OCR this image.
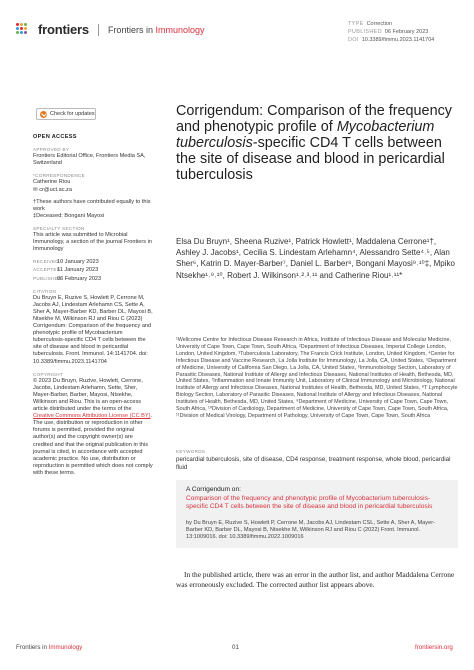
frontiers Frontiers in Immunology
TYPE Correction
PUBLISHED 06 February 2023
DOI 10.3389/fimmu.2023.1141704
Check for updates
OPEN ACCESS
APPROVED BY
Frontiers Editorial Office, Frontiers Media SA, Switzerland
*CORRESPONDENCE
Catherine Riou
✉ cr@uct.ac.za
†These authors have contributed equally to this work
‡Deceased: Bongani Mayosi
SPECIALTY SECTION
This article was submitted to Microbial Immunology, a section of the journal Frontiers in Immunology
RECEIVED10 January 2023
ACCEPTED11 January 2023
PUBLISHED06 February 2023
CITATION
Du Bruyn E, Ruzive S, Howlett P, Cerrone M, Jacobs AJ, Lindestam Arlehamn CS, Sette A, Sher A, Mayer-Barber KD, Barber DL, Mayosi B, Ntsekhe M, Wilkinson RJ and Riou C (2023) Corrigendum: Comparison of the frequency and phenotypic profile of Mycobacterium tuberculosis-specific CD4 T cells between the site of disease and blood in pericardial tuberculosis. Front. Immunol. 14:1141704. doi: 10.3389/fimmu.2023.1141704
COPYRIGHT
© 2023 Du Bruyn, Ruzive, Howlett, Cerrone, Jacobs, Lindestam Arlehamn, Sette, Sher, Mayer-Barber, Barber, Mayosi, Ntsekhe, Wilkinson and Riou. This is an open-access article distributed under the terms of the Creative Commons Attribution License (CC BY). The use, distribution or reproduction in other forums is permitted, provided the original author(s) and the copyright owner(s) are credited and that the original publication in this journal is cited, in accordance with accepted academic practice. No use, distribution or reproduction is permitted which does not comply with these terms.
Corrigendum: Comparison of the frequency and phenotypic profile of Mycobacterium tuberculosis-specific CD4 T cells between the site of disease and blood in pericardial tuberculosis
Elsa Du Bruyn¹, Sheena Ruzive¹, Patrick Howlett¹, Maddalena Cerrone¹†, Ashley J. Jacobs¹, Cecilia S. Lindestam Arlehamn⁴, Alessandro Sette⁴˒⁵, Alan Sher⁶, Katrin D. Mayer-Barber⁷, Daniel L. Barber⁸, Bongani Mayosi⁹˒¹⁰‡, Mpiko Ntsekhe¹˒⁹˒¹⁰, Robert J. Wilkinson¹˒²˒³˒¹¹ and Catherine Riou¹˒¹¹*
¹Wellcome Centre for Infectious Disease Research in Africa, Institute of Infectious Disease and Molecular Medicine, University of Cape Town, Cape Town, South Africa, ²Department of Infectious Diseases, Imperial College London, London, United Kingdom, ³Tuberculosis Laboratory, The Francis Crick Institute, London, United Kingdom, ⁴Center for Infectious Disease and Vaccine Research, La Jolla Institute for Immunology, La Jolla, CA, United States, ⁵Department of Medicine, University of California San Diego, La Jolla, CA, United States, ⁶Immunobiology Section, Laboratory of Parasitic Diseases, National Institute of Allergy and Infectious Diseases, National Institutes of Health, Bethesda, MD, United States, ⁷Inflammation and Innate Immunity Unit, Laboratory of Clinical Immunology and Microbiology, National Institute of Allergy and Infectious Diseases, National Institutes of Health, Bethesda, MD, United States, ⁸T Lymphocyte Biology Section, Laboratory of Parasitic Diseases, National Institute of Allergy and Infectious Diseases, National Institutes of Health, Bethesda, MD, United States, ⁹Department of Medicine, University of Cape Town, Cape Town, South Africa, ¹⁰Division of Cardiology, Department of Medicine, University of Cape Town, Cape Town, South Africa, ¹¹Division of Medical Virology, Department of Pathology, University of Cape Town, Cape Town, South Africa
KEYWORDS
pericardial tuberculosis, site of disease, CD4 response, treatment response, whole blood, pericardial fluid
A Corrigendum on:
Comparison of the frequency and phenotypic profile of Mycobacterium tuberculosis-specific CD4 T cells between the site of disease and blood in pericardial tuberculosis
by Du Bruyn E, Ruzive S, Howlett P, Cerrone M, Jacobs AJ, Lindestam CSL, Sette A, Sher A, Mayer-Barber KD, Barber DL, Mayosi B, Ntsekhe M, Wilkinson RJ and Riou C (2022) Front. Immunol. 13:1009016. doi: 10.3389/fimmu.2022.1009016

In the published article, there was an error in the author list, and author Maddalena Cerrone was erroneously excluded. The corrected author list appears above.

Frontiers in Immunology	01	frontiersin.org
